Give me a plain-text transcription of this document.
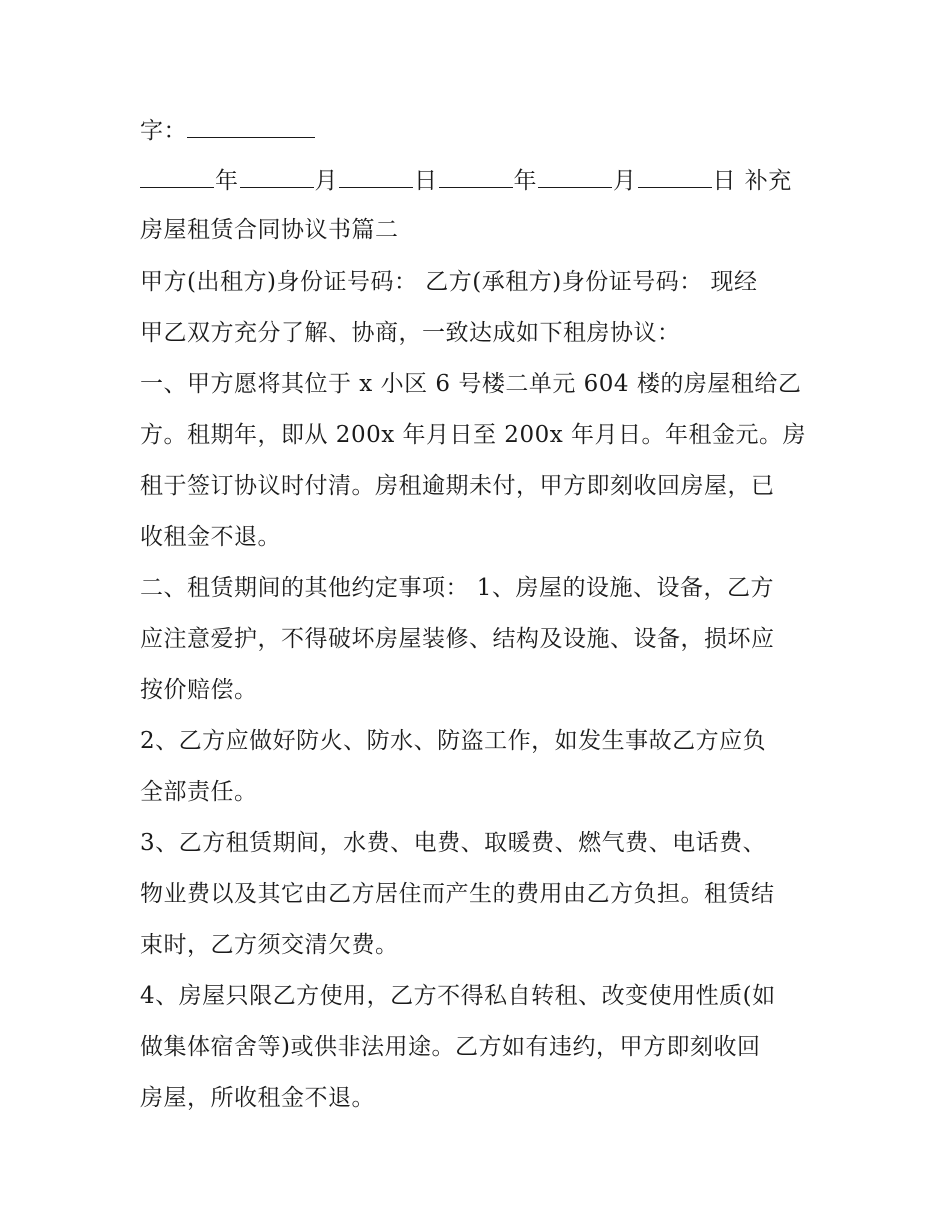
字：
年	月	日	年	月	日 补充
房屋租赁合同协议书篇二
甲方(出租方)身份证号码： 乙方(承租方)身份证号码： 现经
甲乙双方充分了解、协商，一致达成如下租房协议：
一、甲方愿将其位于 x 小区 6 号楼二单元 604 楼的房屋租给乙
方。租期年，即从 200x 年月日至 200x 年月日。年租金元。房
租于签订协议时付清。房租逾期未付，甲方即刻收回房屋，已
收租金不退。
二、租赁期间的其他约定事项： 1、房屋的设施、设备，乙方
应注意爱护，不得破坏房屋装修、结构及设施、设备，损坏应
按价赔偿。
2、乙方应做好防火、防水、防盗工作，如发生事故乙方应负
全部责任。
3、乙方租赁期间，水费、电费、取暖费、燃气费、电话费、
物业费以及其它由乙方居住而产生的费用由乙方负担。租赁结
束时，乙方须交清欠费。
4、房屋只限乙方使用，乙方不得私自转租、改变使用性质(如
做集体宿舍等)或供非法用途。乙方如有违约，甲方即刻收回
房屋，所收租金不退。
